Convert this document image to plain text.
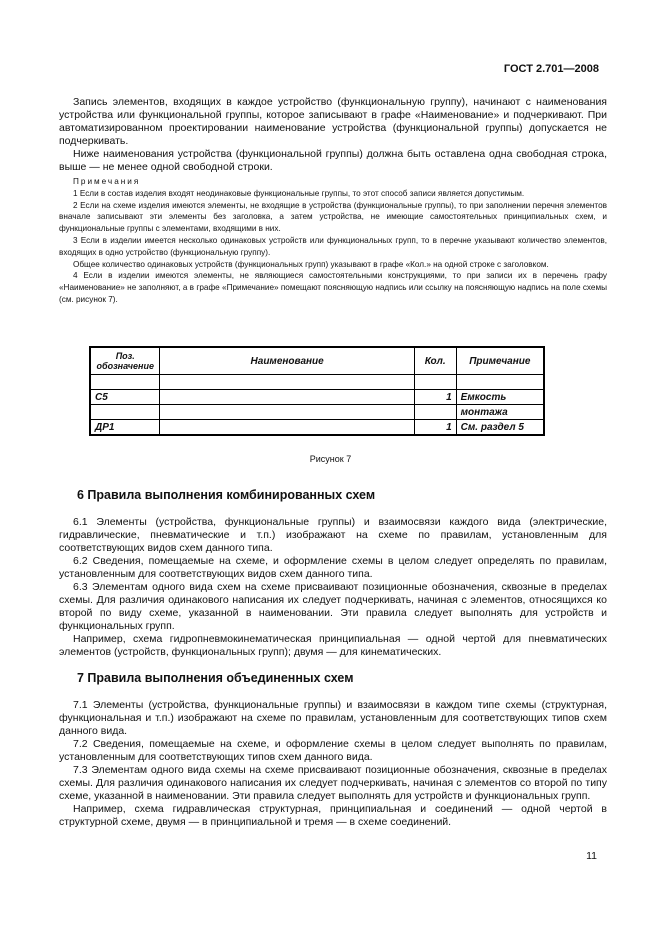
ГОСТ 2.701—2008

Запись элементов, входящих в каждое устройство (функциональную группу), начинают с наименования устройства или функциональной группы, которое записывают в графе «Наименование» и подчеркивают. При автоматизированном проектировании наименование устройства (функциональной группы) допускается не подчеркивать.

Ниже наименования устройства (функциональной группы) должна быть оставлена одна свободная строка, выше — не менее одной свободной строки.

Примечания

1 Если в состав изделия входят неодинаковые функциональные группы, то этот способ записи является допустимым.

2 Если на схеме изделия имеются элементы, не входящие в устройства (функциональные группы), то при заполнении перечня элементов вначале записывают эти элементы без заголовка, а затем устройства, не имеющие самостоятельных принципиальных схем, и функциональные группы с элементами, входящими в них.

3 Если в изделии имеется несколько одинаковых устройств или функциональных групп, то в перечне указывают количество элементов, входящих в одно устройство (функциональную группу).

Общее количество одинаковых устройств (функциональных групп) указывают в графе «Кол.» на одной строке с заголовком.

4 Если в изделии имеются элементы, не являющиеся самостоятельными конструкциями, то при записи их в перечень графу «Наименование» не заполняют, а в графе «Примечание» помещают поясняющую надпись или ссылку на поясняющую надпись на поле схемы (см. рисунок 7).

Поз. обозначение	Наименование	Кол.	Примечание

C5		1	Емкость
			монтажа
ДР1		1	См. раздел 5
Рисунок 7
6 Правила выполнения комбинированных схем

6.1 Элементы (устройства, функциональные группы) и взаимосвязи каждого вида (электрические, гидравлические, пневматические и т.п.) изображают на схеме по правилам, установленным для соответствующих видов схем данного типа.

6.2 Сведения, помещаемые на схеме, и оформление схемы в целом следует определять по правилам, установленным для соответствующих видов схем данного типа.

6.3 Элементам одного вида схем на схеме присваивают позиционные обозначения, сквозные в пределах схемы. Для различия одинакового написания их следует подчеркивать, начиная с элементов, относящихся ко второй по виду схеме, указанной в наименовании. Эти правила следует выполнять для устройств и функциональных групп.

Например, схема гидропневмокинематическая принципиальная — одной чертой для пневматических элементов (устройств, функциональных групп); двумя — для кинематических.

7 Правила выполнения объединенных схем

7.1 Элементы (устройства, функциональные группы) и взаимосвязи в каждом типе схемы (структурная, функциональная и т.п.) изображают на схеме по правилам, установленным для соответствующих типов схем данного вида.

7.2 Сведения, помещаемые на схеме, и оформление схемы в целом следует выполнять по правилам, установленным для соответствующих типов схем данного вида.

7.3 Элементам одного вида схемы на схеме присваивают позиционные обозначения, сквозные в пределах схемы. Для различия одинакового написания их следует подчеркивать, начиная с элементов со второй по типу схеме, указанной в наименовании. Эти правила следует выполнять для устройств и функциональных групп.

Например, схема гидравлическая структурная, принципиальная и соединений — одной чертой в структурной схеме, двумя — в принципиальной и тремя — в схеме соединений.

11
